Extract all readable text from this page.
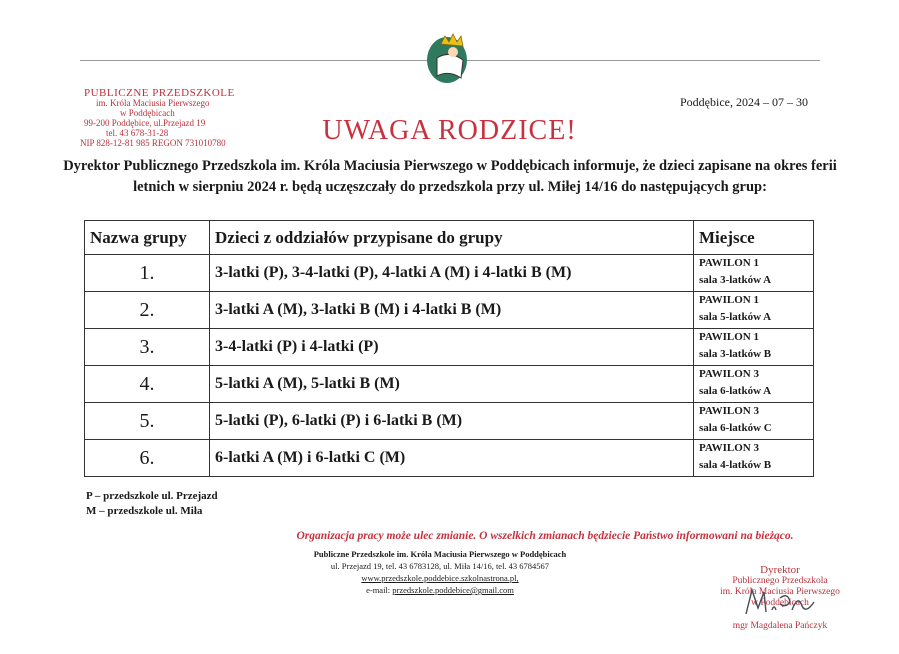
PUBLICZNE PRZEDSZKOLE
im. Króla Maciusia Pierwszego
w Poddębicach
99-200 Poddębice, ul.Przejazd 19
tel. 43 678-31-28
NIP 828-12-81 985 REGON 731010780
Poddębice, 2024 – 07 – 30
UWAGA RODZICE!
Dyrektor Publicznego Przedszkola im. Króla Maciusia Pierwszego w Poddębicach informuje, że dzieci zapisane na okres ferii letnich w sierpniu 2024 r. będą uczęszczały do przedszkola przy ul. Miłej 14/16 do następujących grup:
Nazwa grupy	Dzieci z oddziałów przypisane do grupy	Miejsce
1.	3-latki (P), 3-4-latki (P), 4-latki A (M) i 4-latki B (M)	PAWILON 1
sala 3-latków A

2.	3-latki A (M), 3-latki B (M) i 4-latki B (M)	PAWILON 1
sala 5-latków A

3.	3-4-latki (P) i 4-latki (P)	PAWILON 1
sala 3-latków B

4.	5-latki A (M), 5-latki B (M)	PAWILON 3
sala 6-latków A

5.	5-latki (P), 6-latki (P) i 6-latki B (M)	PAWILON 3
sala 6-latków C

6.	6-latki A (M) i 6-latki C (M)	PAWILON 3
sala 4-latków B
P – przedszkole ul. Przejazd
M – przedszkole ul. Miła
Organizacja pracy może ulec zmianie. O wszelkich zmianach będziecie Państwo informowani na bieżąco.
Publiczne Przedszkole im. Króla Maciusia Pierwszego w Poddębicach
ul. Przejazd 19, tel. 43 6783128, ul. Miła 14/16, tel. 43 6784567
www.przedszkole.poddebice.szkolnastrona.pl,
e-mail: przedszkole.poddebice@gmail.com
Dyrektor
Publicznego Przedszkola
im. Króla Maciusia Pierwszego
w Poddębicach
mgr Magdalena Pańczyk
